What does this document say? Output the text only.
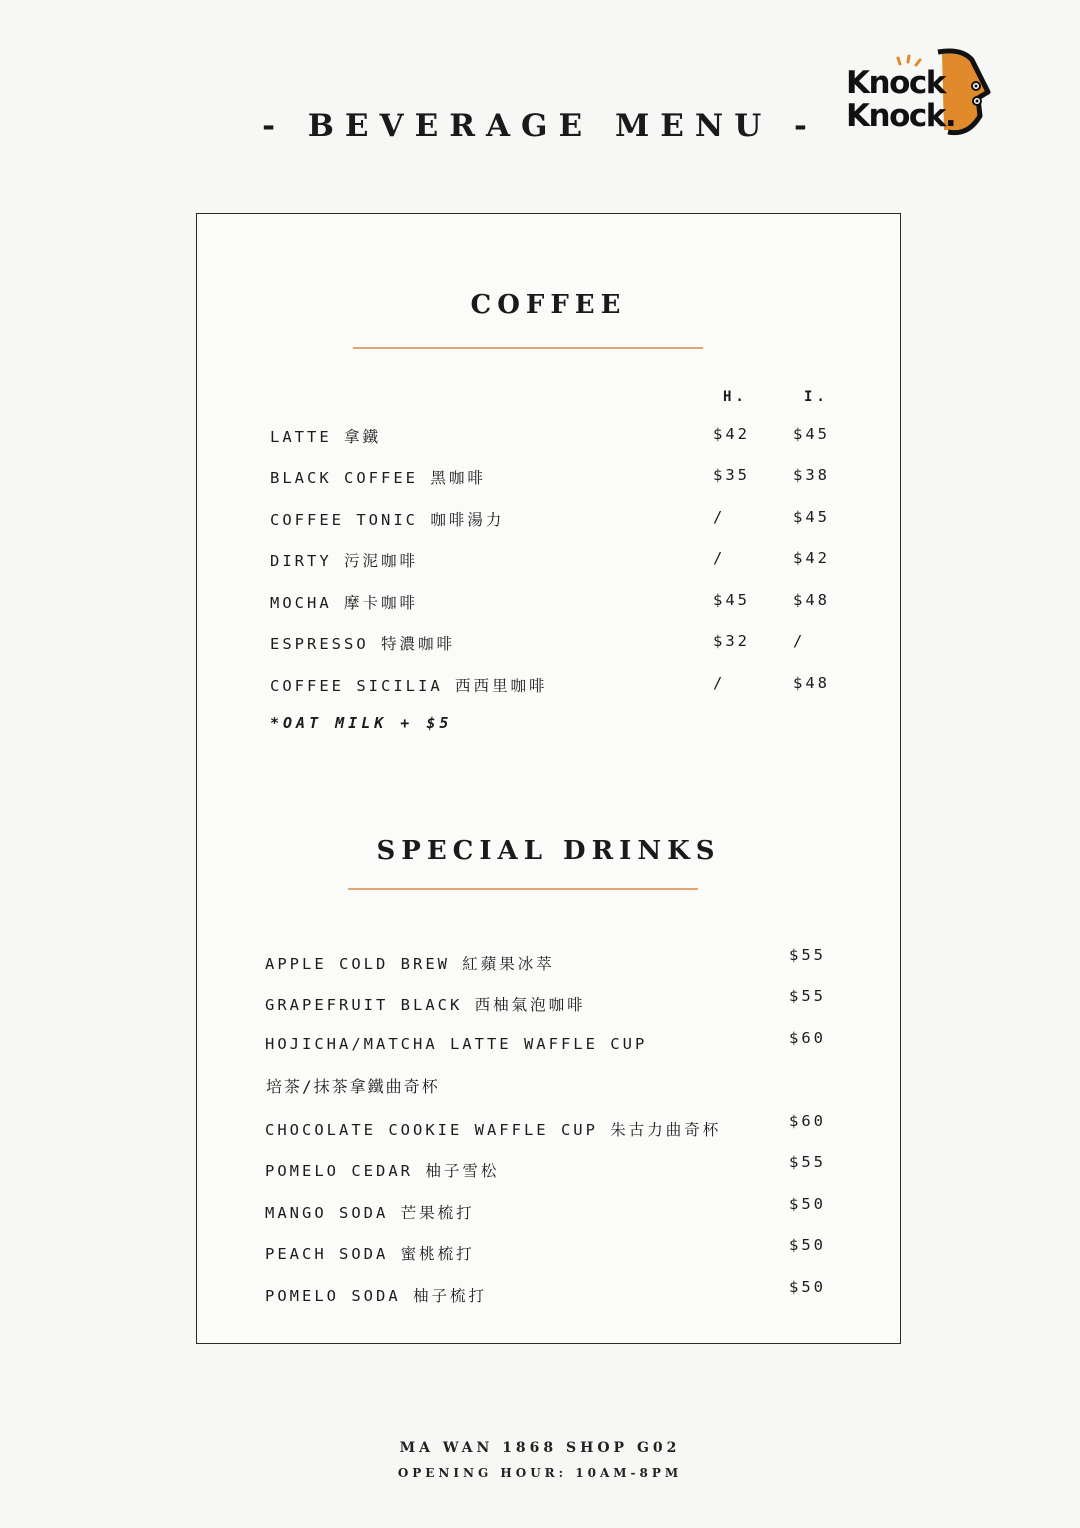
- BEVERAGE MENU -
Knock
Knock.
COFFEE
H.	I.
LATTE 拿鐵	$42	$45
BLACK COFFEE 黑咖啡	$35	$38
COFFEE TONIC 咖啡湯力	/	$45
DIRTY 污泥咖啡	/	$42
MOCHA 摩卡咖啡	$45	$48
ESPRESSO 特濃咖啡	$32	/
COFFEE SICILIA 西西里咖啡	/	$48
*OAT MILK + $5
SPECIAL DRINKS
APPLE COLD BREW 紅蘋果冰萃	$55
GRAPEFRUIT BLACK 西柚氣泡咖啡	$55
HOJICHA/MATCHA LATTE WAFFLE CUP	$60
培茶/抹茶拿鐵曲奇杯
CHOCOLATE COOKIE WAFFLE CUP 朱古力曲奇杯	$60
POMELO CEDAR 柚子雪松	$55
MANGO SODA 芒果梳打	$50
PEACH SODA 蜜桃梳打	$50
POMELO SODA 柚子梳打	$50

MA WAN 1868 SHOP G02

OPENING HOUR: 10AM-8PM
